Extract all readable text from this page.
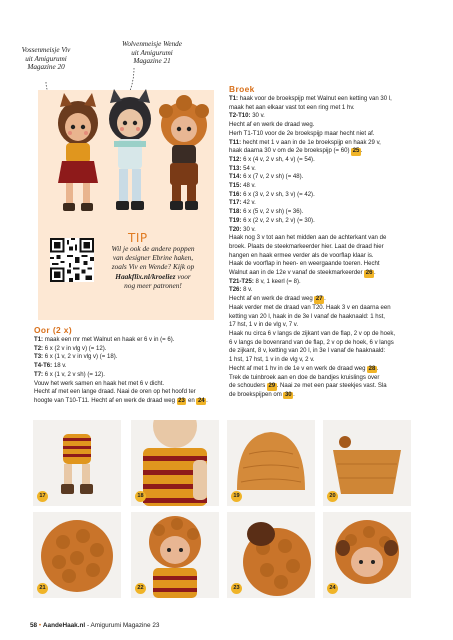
Vossenmeisje Viv
uit Amigurumi
Magazine 20
Wolvenmeisje Wende
uit Amigurumi
Magazine 21
TIP
Wil je ook de andere poppen
van designer Ebrine haken,
zoals Viv en Wende? Kijk op
Haakflix.nl/kroeliez voor
nog meer patronen!
Broek
T1: haak voor de broekspijp met Walnut een ketting van 30 l,
maak het aan elkaar vast tot een ring met 1 hv.
T2-T10: 30 v.
Hecht af en werk de draad weg.
Herh T1-T10 voor de 2e broekspijp maar hecht niet af.
T11: hecht met 1 v aan in de 1e broekspijp en haak 29 v,
haak daarna 30 v om de 2e broekspijp (= 60) 25 .
T12: 6 x (4 v, 2 v sh, 4 v) (= 54).
T13: 54 v.
T14: 6 x (7 v, 2 v sh) (= 48).
T15: 48 v.
T16: 6 x (3 v, 2 v sh, 3 v) (= 42).
T17: 42 v.
T18: 6 x (5 v, 2 v sh) (= 36).
T19: 6 x (2 v, 2 v sh, 2 v) (= 30).
T20: 30 v.
Haak nog 3 v tot aan het midden aan de achterkant van de
broek. Plaats de steekmarkeerder hier. Laat de draad hier
hangen en haak ermee verder als de voorflap klaar is.
Haak de voorflap in heen- en weergaande toeren. Hecht
Walnut aan in de 12e v vanaf de steekmarkeerder 26 .
T21-T25: 8 v, 1 keerl (= 8).
T26: 8 v.
Hecht af en werk de draad weg 27 .
Haak verder met de draad van T20. Haak 3 v en daarna een
ketting van 20 l, haak in de 3e l vanaf de haaknaald: 1 hst,
17 hst, 1 v in de vlg v, 7 v.
Haak nu circa 6 v langs de zijkant van de flap, 2 v op de hoek,
6 v langs de bovenrand van de flap, 2 v op de hoek, 6 v langs
de zijkant, 8 v, ketting van 20 l, in 3e l vanaf de haaknaald:
1 hst, 17 hst, 1 v in de vlg v, 2 v.
Hecht af met 1 hv in de 1e v en werk de draad weg 28 .
Trek de tuinbroek aan en doe de bandjes kruislings over
de schouders 29 . Naai ze met een paar steekjes vast. Sla
de broekspijpen om 30 .
Oor (2 x)
T1: maak een mr met Walnut en haak er 6 v in (= 6).
T2: 6 x (2 v in vlg v) (= 12).
T3: 6 x (1 v, 2 v in vlg v) (= 18).
T4-T6: 18 v.
T7: 6 x (1 v, 2 v sh) (= 12).
Vouw het werk samen en haak het met 6 v dicht.
Hecht af met een lange draad. Naai de oren op het hoofd ter
hoogte van T10-T11. Hecht af en werk de draad weg 23 en 24 .
17	18	19	20
21	22	23	24
58 • AandeHaak.nl - Amigurumi Magazine 23
